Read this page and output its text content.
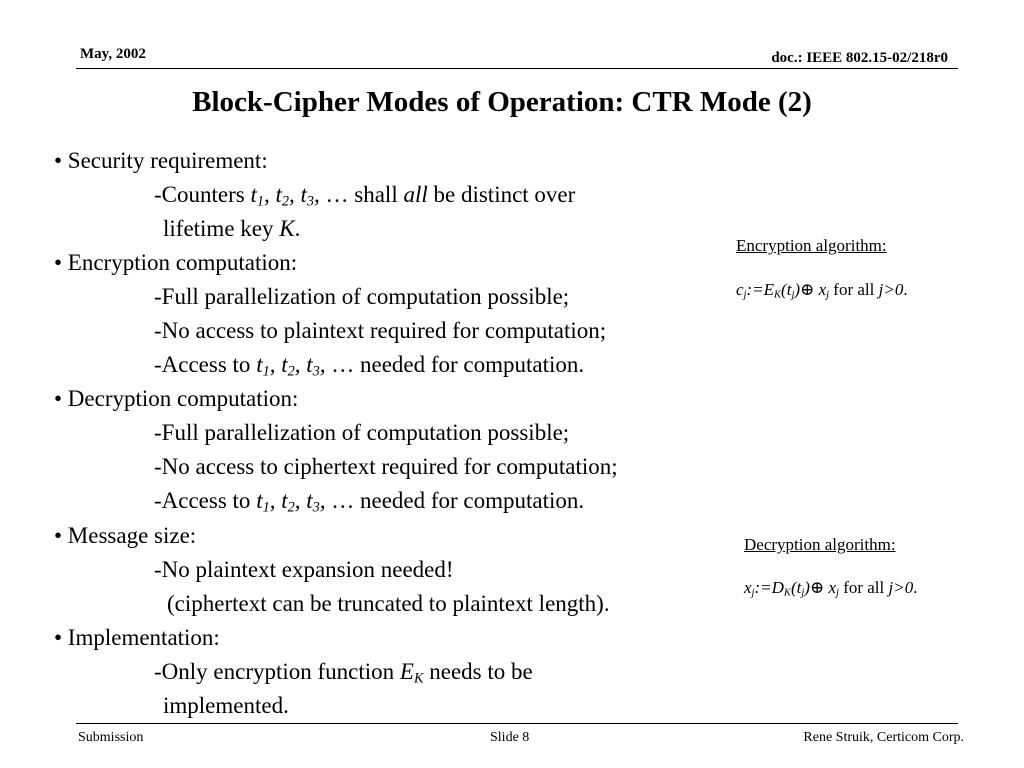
May, 2002	doc.: IEEE 802.15-02/218r0
Block-Cipher Modes of Operation: CTR Mode (2)
• Security requirement:
-Counters $t_1$, $t_2$, $t_3$, … shall all be distinct over
lifetime key K.
• Encryption computation:
-Full parallelization of computation possible;
-No access to plaintext required for computation;
-Access to $t_1$, $t_2$, $t_3$, … needed for computation.
• Decryption computation:
-Full parallelization of computation possible;
-No access to ciphertext required for computation;
-Access to $t_1$, $t_2$, $t_3$, … needed for computation.
• Message size:
-No plaintext expansion needed!
(ciphertext can be truncated to plaintext length).
• Implementation:
-Only encryption function $E_K$ needs to be
implemented.
Encryption algorithm:
$c_j:=E_K(t_j)\oplus$ $x_j$ for all j>0.
Decryption algorithm:
$x_j:=D_K(t_j)\oplus$ $x_j$ for all j>0.
Submission	Slide 8	Rene Struik, Certicom Corp.
